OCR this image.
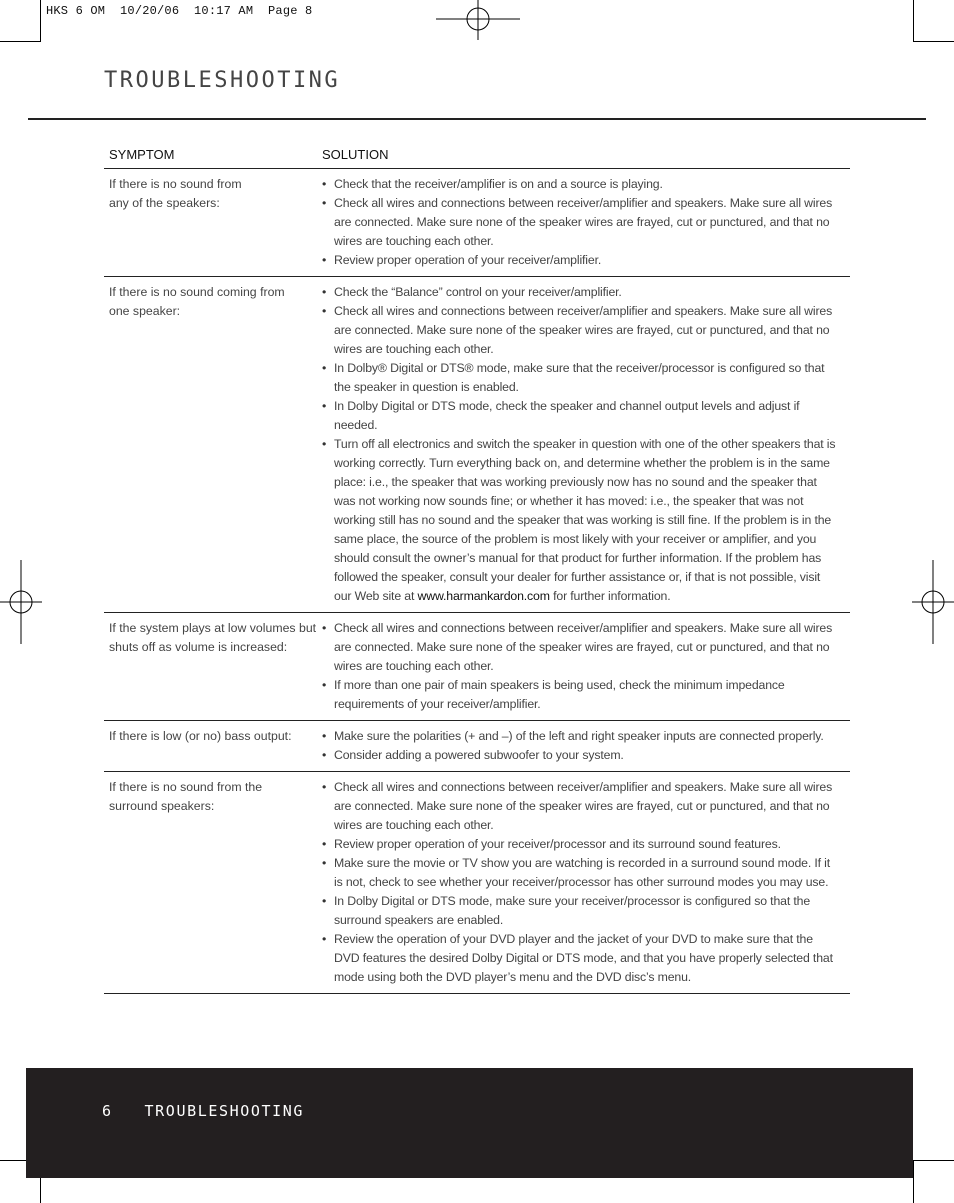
HKS 6 OM  10/20/06  10:17 AM  Page 8
TROUBLESHOOTING
SYMPTOM	SOLUTION
If there is no sound from any of the speakers:
• Check that the receiver/amplifier is on and a source is playing.
• Check all wires and connections between receiver/amplifier and speakers. Make sure all wires are connected. Make sure none of the speaker wires are frayed, cut or punctured, and that no wires are touching each other.
• Review proper operation of your receiver/amplifier.
If there is no sound coming from one speaker:
• Check the “Balance” control on your receiver/amplifier.
• Check all wires and connections between receiver/amplifier and speakers. Make sure all wires are connected. Make sure none of the speaker wires are frayed, cut or punctured, and that no wires are touching each other.
• In Dolby® Digital or DTS® mode, make sure that the receiver/processor is configured so that the speaker in question is enabled.
• In Dolby Digital or DTS mode, check the speaker and channel output levels and adjust if needed.
• Turn off all electronics and switch the speaker in question with one of the other speakers that is working correctly. Turn everything back on, and determine whether the problem is in the same place: i.e., the speaker that was working previously now has no sound and the speaker that was not working now sounds fine; or whether it has moved: i.e., the speaker that was not working still has no sound and the speaker that was working is still fine. If the problem is in the same place, the source of the problem is most likely with your receiver or amplifier, and you should consult the owner’s manual for that product for further information. If the problem has followed the speaker, consult your dealer for further assistance or, if that is not possible, visit our Web site at www.harmankardon.com for further information.
If the system plays at low volumes but shuts off as volume is increased:
• Check all wires and connections between receiver/amplifier and speakers. Make sure all wires are connected. Make sure none of the speaker wires are frayed, cut or punctured, and that no wires are touching each other.
• If more than one pair of main speakers is being used, check the minimum impedance requirements of your receiver/amplifier.
If there is low (or no) bass output:
•	Make sure the polarities (+ and –) of the left and right speaker inputs are connected properly.
• Consider adding a powered subwoofer to your system.
If there is no sound from the surround speakers:
• Check all wires and connections between receiver/amplifier and speakers. Make sure all wires are connected. Make sure none of the speaker wires are frayed, cut or punctured, and that no wires are touching each other.
• Review proper operation of your receiver/processor and its surround sound features.
• Make sure the movie or TV show you are watching is recorded in a surround sound mode. If it is not, check to see whether your receiver/processor has other surround modes you may use.
• In Dolby Digital or DTS mode, make sure your receiver/processor is configured so that the surround speakers are enabled.
• Review the operation of your DVD player and the jacket of your DVD to make sure that the DVD features the desired Dolby Digital or DTS mode, and that you have properly selected that mode using both the DVD player’s menu and the DVD disc’s menu.
6 TROUBLESHOOTING
